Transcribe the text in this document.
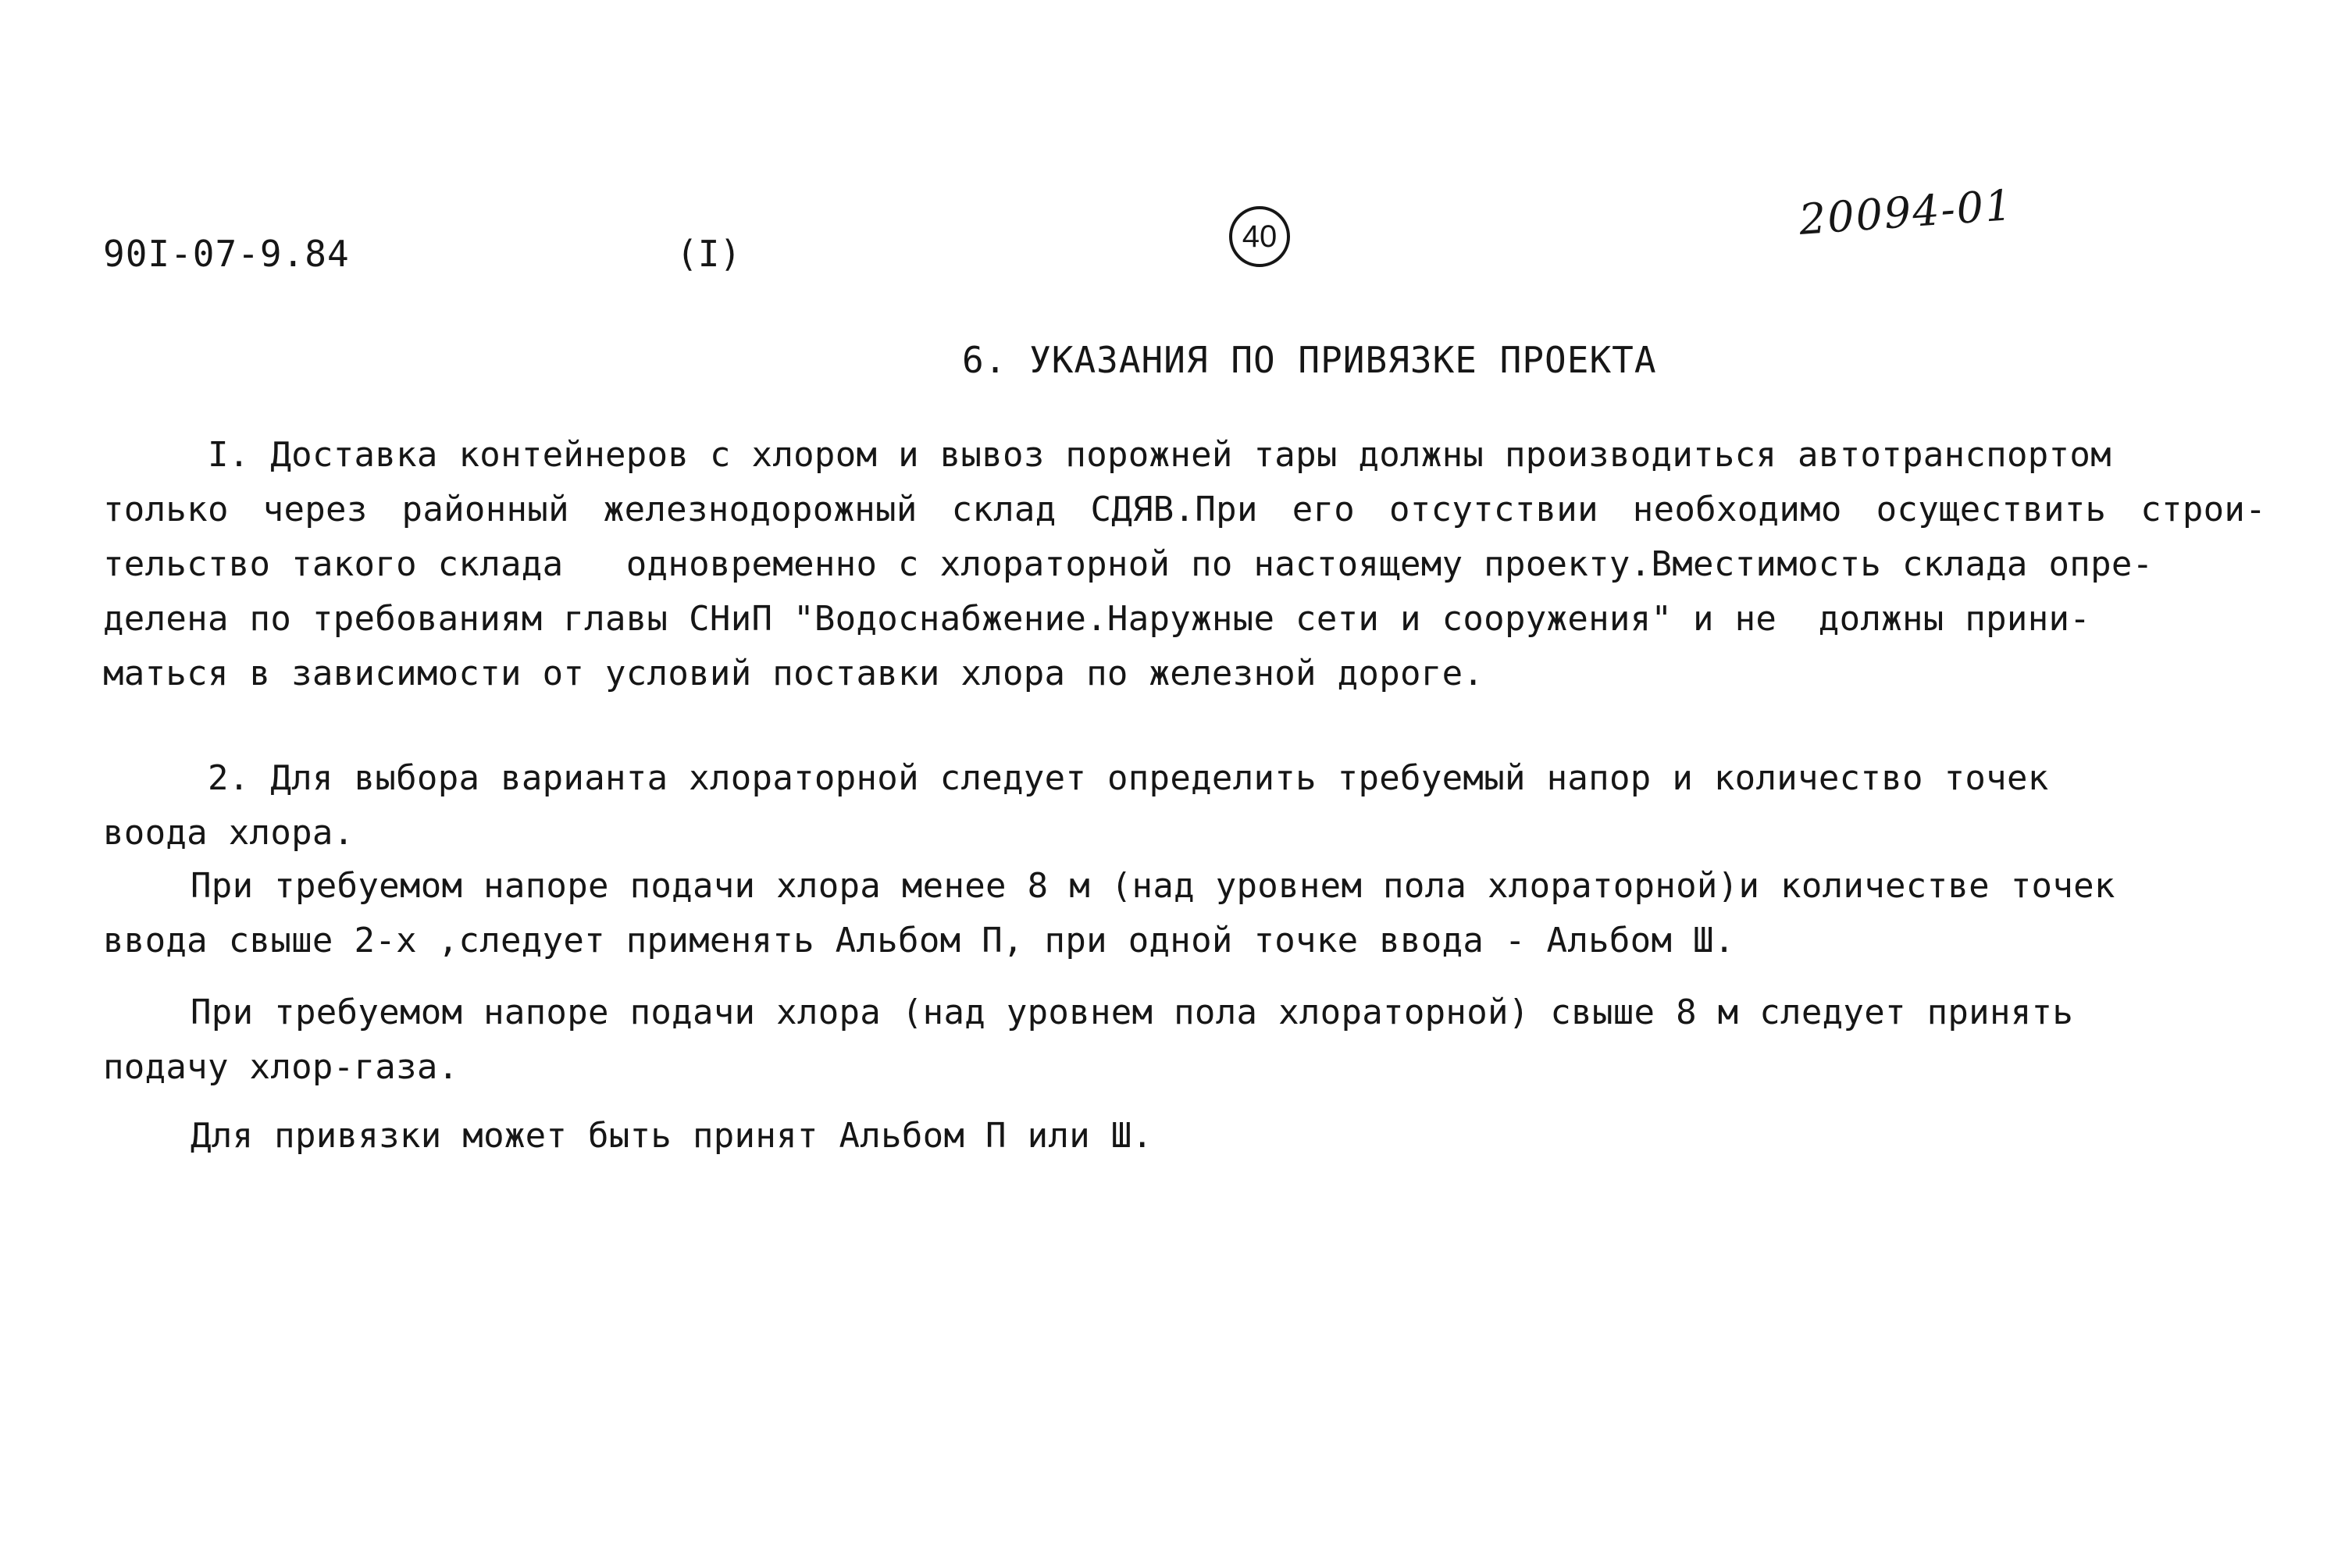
90I-07-9.84	(I)	40	20094-01
6. УКАЗАНИЯ ПО ПРИВЯЗКЕ ПРОЕКТА
I. Доставка контейнеров с хлором и вывоз порожней тары должны производиться автотранспортом
только через районный железнодорожный склад СДЯВ.При его отсутствии необходимо осуществить строи-
тельство такого склада   одновременно с хлораторной по настоящему проекту.Вместимость склада опре-
делена по требованиям главы СНиП "Водоснабжение.Наружные сети и сооружения" и не  должны прини-
маться в зависимости от условий поставки хлора по железной дороге.
2. Для выбора варианта хлораторной следует определить требуемый напор и количество точек
воода хлора.
При требуемом напоре подачи хлора менее 8 м (над уровнем пола хлораторной)и количестве точек
ввода свыше 2-х ,следует применять Альбом П, при одной точке ввода - Альбом Ш.
При требуемом напоре подачи хлора (над уровнем пола хлораторной) свыше 8 м следует принять
подачу хлор-газа.
Для привязки может быть принят Альбом П или Ш.
